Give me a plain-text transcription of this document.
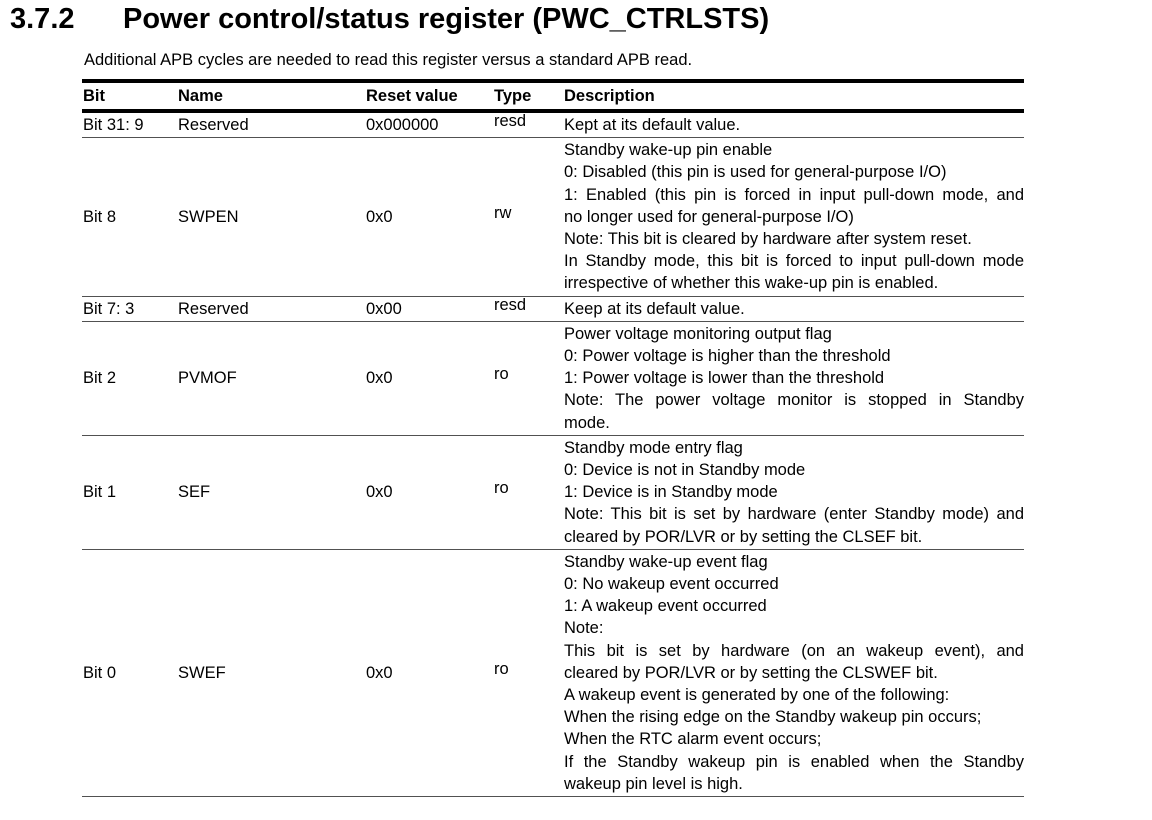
3.7.2	Power control/status register (PWC_CTRLSTS)
Additional APB cycles are needed to read this register versus a standard APB read.
Bit	Name	Reset value	Type	Description
Bit 31: 9	Reserved	0x000000	resd	Kept at its default value.

Bit 8	SWPEN	0x0	rw	
Standby wake-up pin enable
0: Disabled (this pin is used for general-purpose I/O)
1: Enabled (this pin is forced in input pull-down mode, and
no longer used for general-purpose I/O)
Note: This bit is cleared by hardware after system reset.
In Standby mode, this bit is forced to input pull-down mode
irrespective of whether this wake-up pin is enabled.

Bit 7: 3	Reserved	0x00	resd	Keep at its default value.

Bit 2	PVMOF	0x0	ro	Power voltage monitoring output flag
0: Power voltage is higher than the threshold
1: Power voltage is lower than the threshold
Note: The power voltage monitor is stopped in Standby
mode.

Bit 1	SEF	0x0	ro	Standby mode entry flag
0: Device is not in Standby mode
1: Device is in Standby mode
Note: This bit is set by hardware (enter Standby mode) and
cleared by POR/LVR or by setting the CLSEF bit.

Bit 0	SWEF	0x0	ro	
Standby wake-up event flag
0: No wakeup event occurred
1: A wakeup event occurred
Note:
This bit is set by hardware (on an wakeup event), and
cleared by POR/LVR or by setting the CLSWEF bit.
A wakeup event is generated by one of the following:
When the rising edge on the Standby wakeup pin occurs;
When the RTC alarm event occurs;
If the Standby wakeup pin is enabled when the Standby
wakeup pin level is high.
